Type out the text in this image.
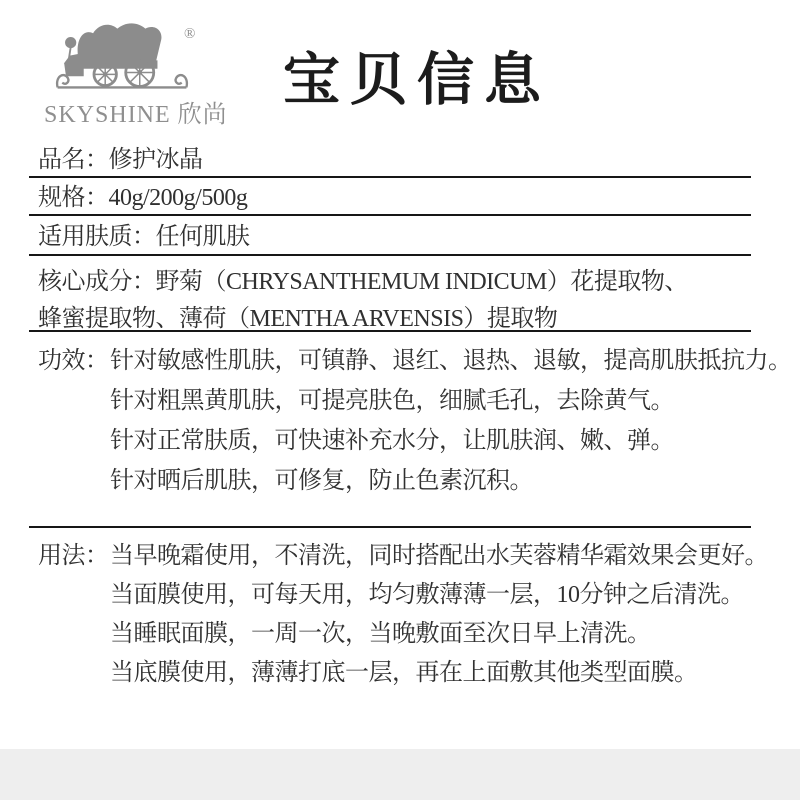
®
SKYSHINE 欣尚
宝贝信息
品名：修护冰晶
规格：40g/200g/500g
适用肤质：任何肌肤
核心成分：野菊（CHRYSANTHEMUM INDICUM）花提取物、
蜂蜜提取物、薄荷（MENTHA ARVENSIS）提取物
功效： 针对敏感性肌肤，可镇静、退红、退热、退敏，提高肌肤抵抗力。
针对粗黑黄肌肤，可提亮肤色，细腻毛孔，去除黄气。
针对正常肤质，可快速补充水分，让肌肤润、嫩、弹。
针对晒后肌肤，可修复，防止色素沉积。
用法： 当早晚霜使用，不清洗，同时搭配出水芙蓉精华霜效果会更好。
当面膜使用，可每天用，均匀敷薄薄一层，10分钟之后清洗。
当睡眠面膜，一周一次，当晚敷面至次日早上清洗。
当底膜使用，薄薄打底一层，再在上面敷其他类型面膜。
